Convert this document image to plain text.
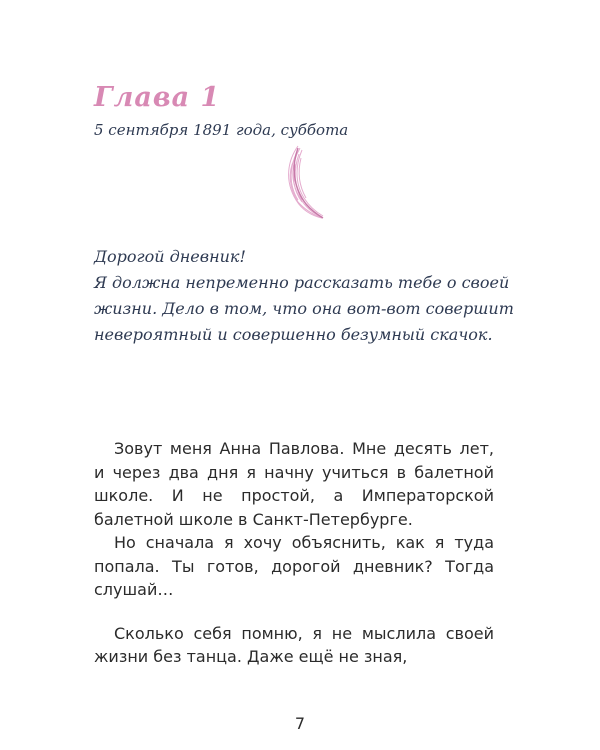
Глава 1
5 сентября 1891 года, суббота

Дорогой дневник!

Я должна непременно рассказать тебе о своей

жизни. Дело в том, что она вот-вот совершит

невероятный и совершенно безумный скачок.

Зовут меня Анна Павлова. Мне десять лет, и через два дня я начну учиться в балетной школе. И не простой, а Императорской балетной школе в Санкт-Петербурге.

Но сначала я хочу объяснить, как я туда попала. Ты готов, дорогой дневник? Тогда слушай…

Сколько себя помню, я не мыслила своей жизни без танца. Даже ещё не зная,

7
